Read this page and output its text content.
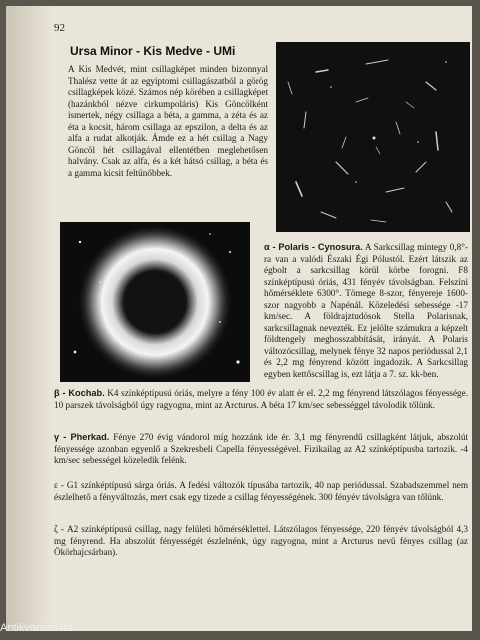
92
Ursa Minor - Kis Medve - UMi
A Kis Medvét, mint csillagképet minden bizonnyal Thalész vette át az egyiptomi csillagászatból a görög csillagképek közé. Számos nép körében a csillagképet (hazánkból nézve cirkumpoláris) Kis Göncölként ismertek, négy csillaga a béta, a gamma, a zéta és az éta a kocsit, három csillaga az epszilon, a delta és az alfa a rudat alkotják. Ámde ez a hét csillag a Nagy Göncöl hét csillagával ellentétben meglehetősen halvány. Csak az alfa, és a két hátsó csillag, a béta és a gamma kicsit feltűnőbbek.
α - Polaris - Cynosura. A Sarkcsillag mintegy 0,8°-ra van a valódi Északi Égi Pólustól. Ezért látszik az égbolt a sarkcsillag körül körbe forogni. F8 színképtípusú óriás, 431 fényév távolságban. Felszíni hőmérséklete 6300°. Tömege 8-szor, fényereje 1600-szor nagyobb a Napénál. Közeledési sebessége -17 km/sec. A földrajztudósok Stella Polarisnak, sarkcsillagnak nevezték. Ez jelölte számukra a képzelt földtengely meghosszabbítását, irányát. A Polaris változócsillag, melynek fénye 32 napos periódussal 2,1 és 2,2 mg fényrend között ingadozik. A Sarkcsillag egyben kettőscsillag is, ezt látja a 7. sz. kk-ben.
β - Kochab. K4 színképtípusú óriás, melyre a fény 100 év alatt ér el. 2,2 mg fényrend látszólagos fényessége. 10 parszek távolságból úgy ragyogna, mint az Arcturus. A béta 17 km/sec sebességgel távolodik tőlünk.
γ - Pherkad. Fénye 270 évig vándorol míg hozzánk ide ér. 3,1 mg fényrendű csillagként látjuk, abszolút fényessége azonban egyenlő a Szekresbeli Capella fényességével. Fizikailag az A2 színképtípusba tartozik. -4 km/sec sebességel közeledik felénk.
ε - G1 színképtípusú sárga óriás. A fedési változók típusába tartozik, 40 nap periódussal. Szabadszemmel nem észlelhető a fényváltozás, mert csak egy tizede a csillag fényességének. 300 fényév távolságra van tőlünk.
ζ - A2 színképtípusú csillag, nagy felületi hőmérséklettel. Látszólagos fényessége, 220 fényév távolságból 4,3 mg fényrend. Ha abszolút fényességét észlelnénk, úgy ragyogna, mint a Arcturus nevű fényes csillag (az Ökörhajcsárban).
Antikvarium.hu
